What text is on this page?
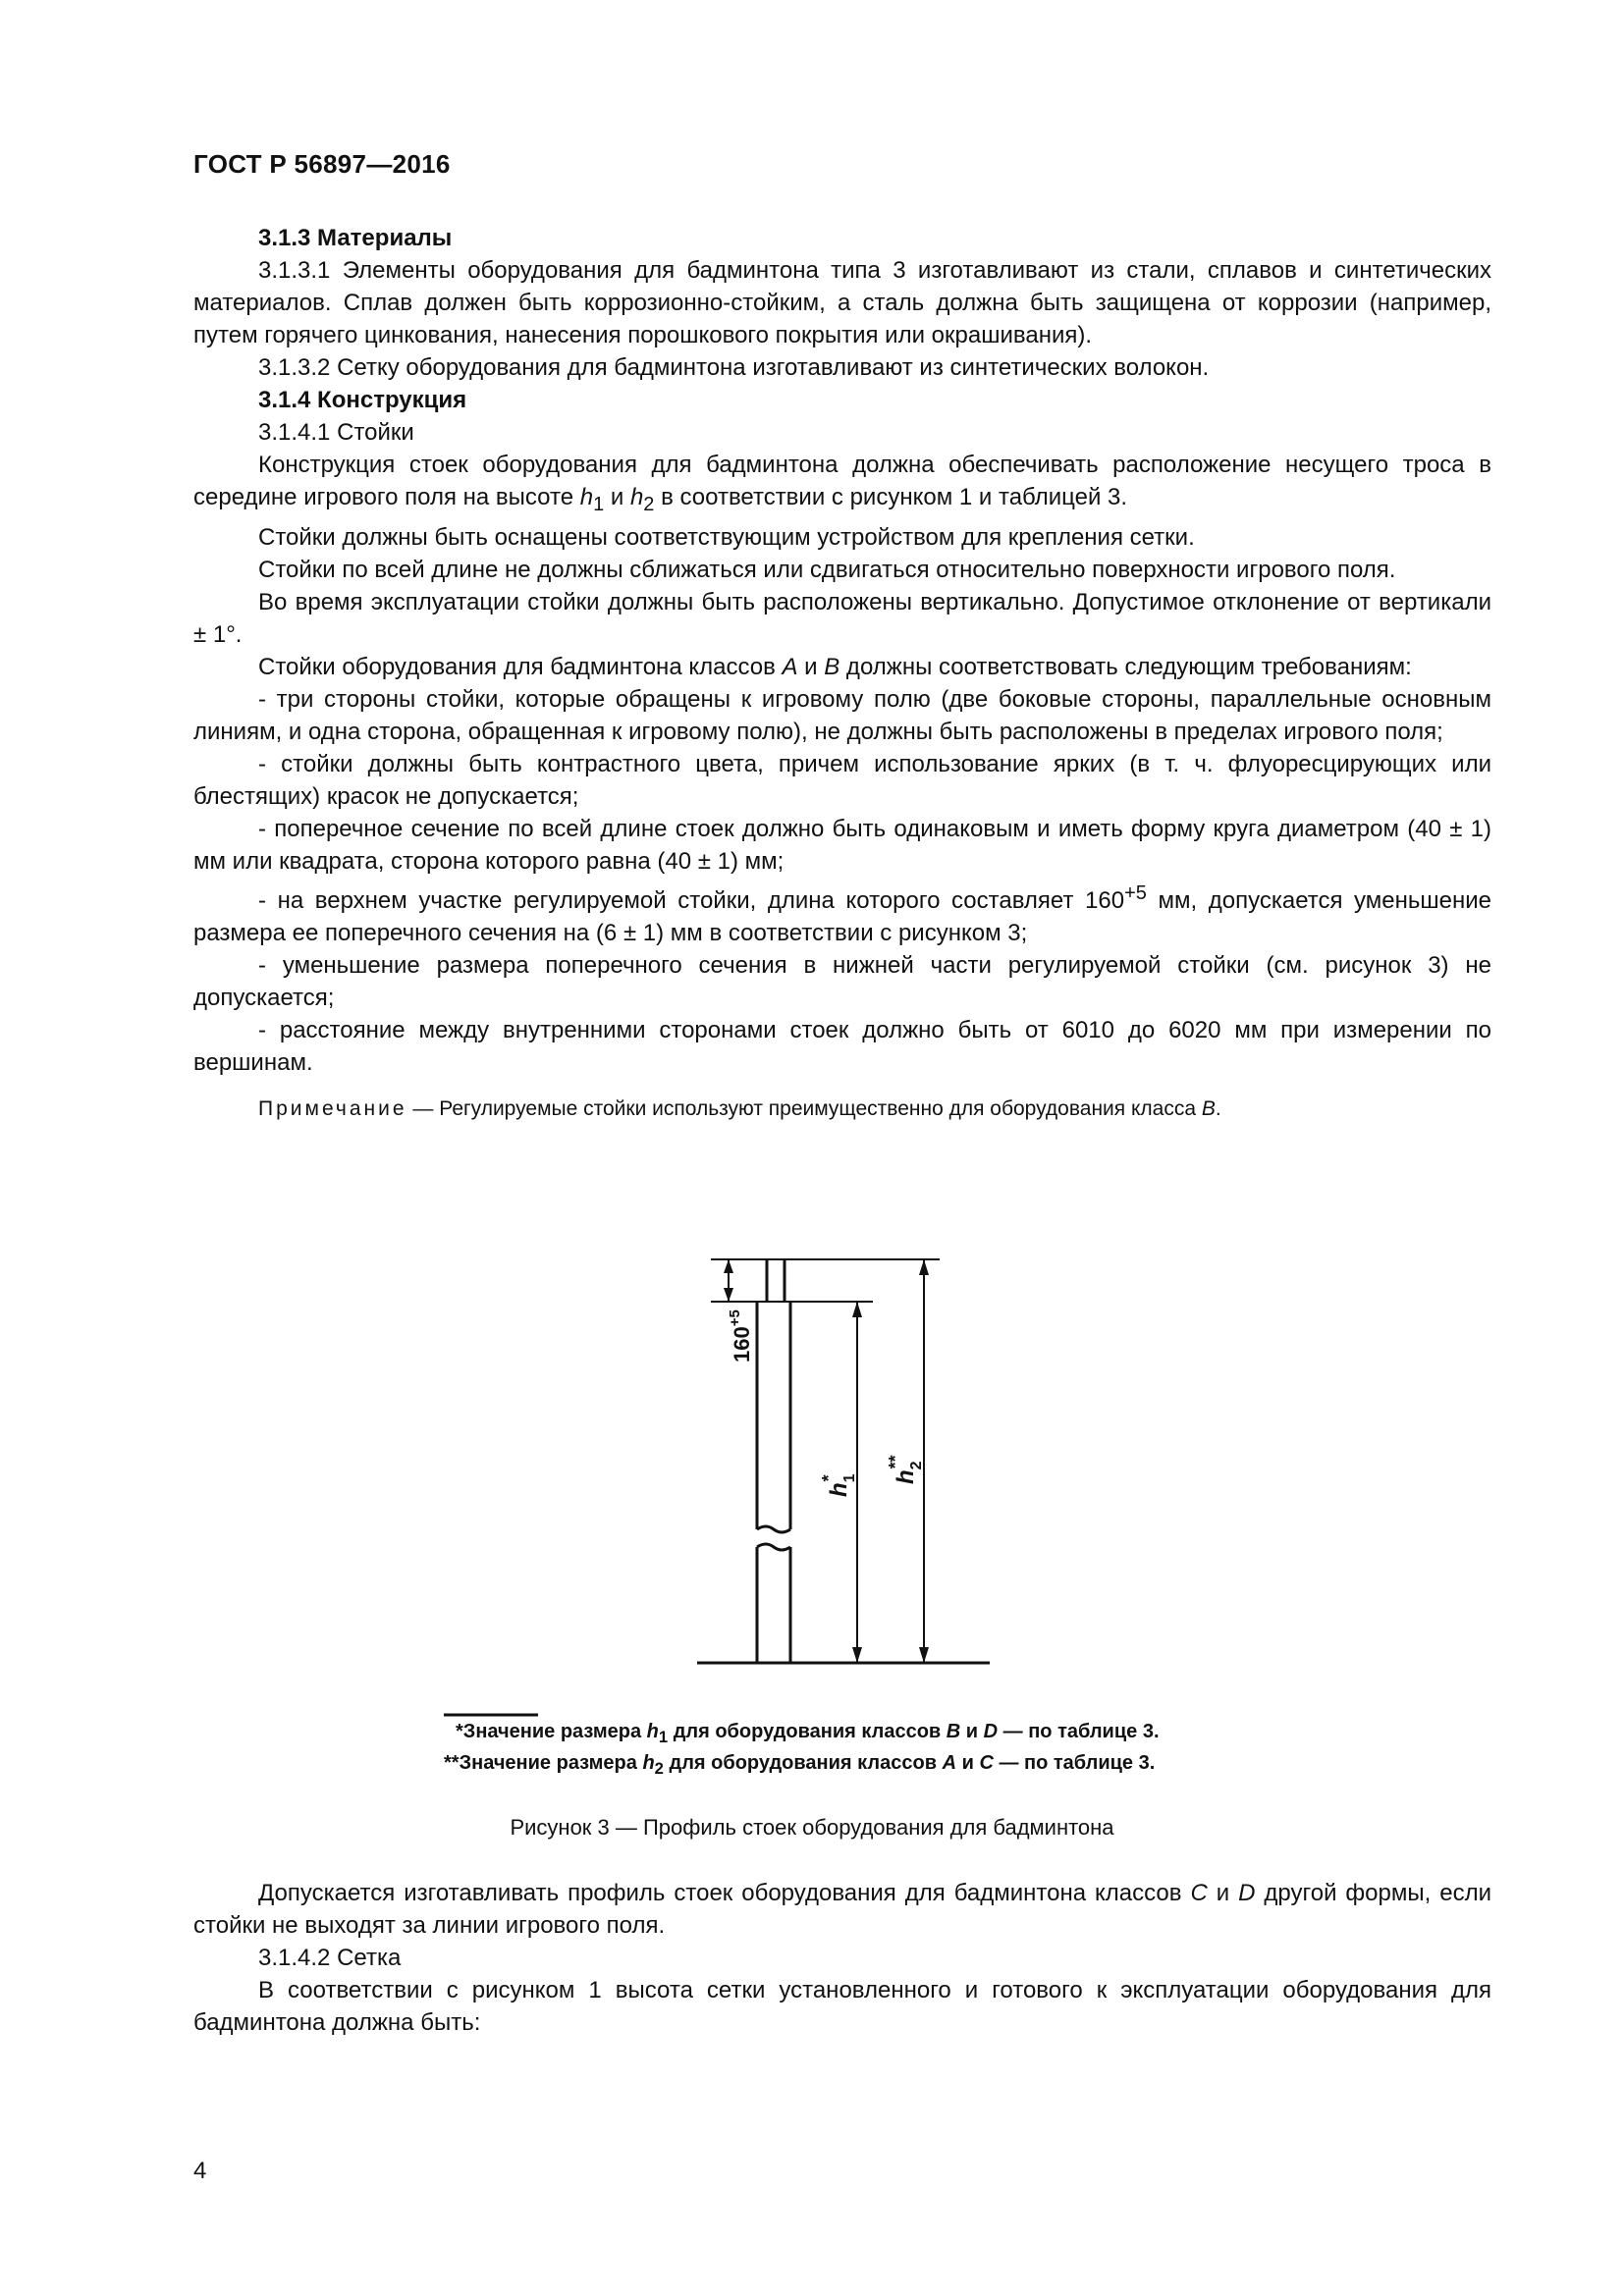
ГОСТ Р 56897—2016

3.1.3 Материалы

3.1.3.1 Элементы оборудования для бадминтона типа 3 изготавливают из стали, сплавов и синтетических материалов. Сплав должен быть коррозионно-стойким, а сталь должна быть защищена от коррозии (например, путем горячего цинкования, нанесения порошкового покрытия или окрашивания).

3.1.3.2 Сетку оборудования для бадминтона изготавливают из синтетических волокон.

3.1.4 Конструкция

3.1.4.1 Стойки

Конструкция стоек оборудования для бадминтона должна обеспечивать расположение несущего троса в середине игрового поля на высоте $h_1$ и $h_2$ в соответствии с рисунком 1 и таблицей 3.

Стойки должны быть оснащены соответствующим устройством для крепления сетки.

Стойки по всей длине не должны сближаться или сдвигаться относительно поверхности игрового поля.

Во время эксплуатации стойки должны быть расположены вертикально. Допустимое отклонение от вертикали ± 1°.

Стойки оборудования для бадминтона классов A и B должны соответствовать следующим требованиям:

- три стороны стойки, которые обращены к игровому полю (две боковые стороны, параллельные основным линиям, и одна сторона, обращенная к игровому полю), не должны быть расположены в пределах игрового поля;

- стойки должны быть контрастного цвета, причем использование ярких (в т. ч. флуоресцирующих или блестящих) красок не допускается;

- поперечное сечение по всей длине стоек должно быть одинаковым и иметь форму круга диаметром (40 ± 1) мм или квадрата, сторона которого равна (40 ± 1) мм;

- на верхнем участке регулируемой стойки, длина которого составляет $160^{+5}$ мм, допускается уменьшение размера ее поперечного сечения на (6 ± 1) мм в соответствии с рисунком 3;

- уменьшение размера поперечного сечения в нижней части регулируемой стойки (см. рисунок 3) не допускается;

- расстояние между внутренними сторонами стоек должно быть от 6010 до 6020 мм при измерении по вершинам.

Примечание — Регулируемые стойки используют преимущественно для оборудования класса B.

$160^{+5}$
$h_1*$	$h_2**$
*Значение размера $h_1$ для оборудования классов B и D — по таблице 3.
**Значение размера $h_2$ для оборудования классов A и C — по таблице 3.
Рисунок 3 — Профиль стоек оборудования для бадминтона

Допускается изготавливать профиль стоек оборудования для бадминтона классов C и D другой формы, если стойки не выходят за линии игрового поля.

3.1.4.2 Сетка

В соответствии с рисунком 1 высота сетки установленного и готового к эксплуатации оборудования для бадминтона должна быть:

4
